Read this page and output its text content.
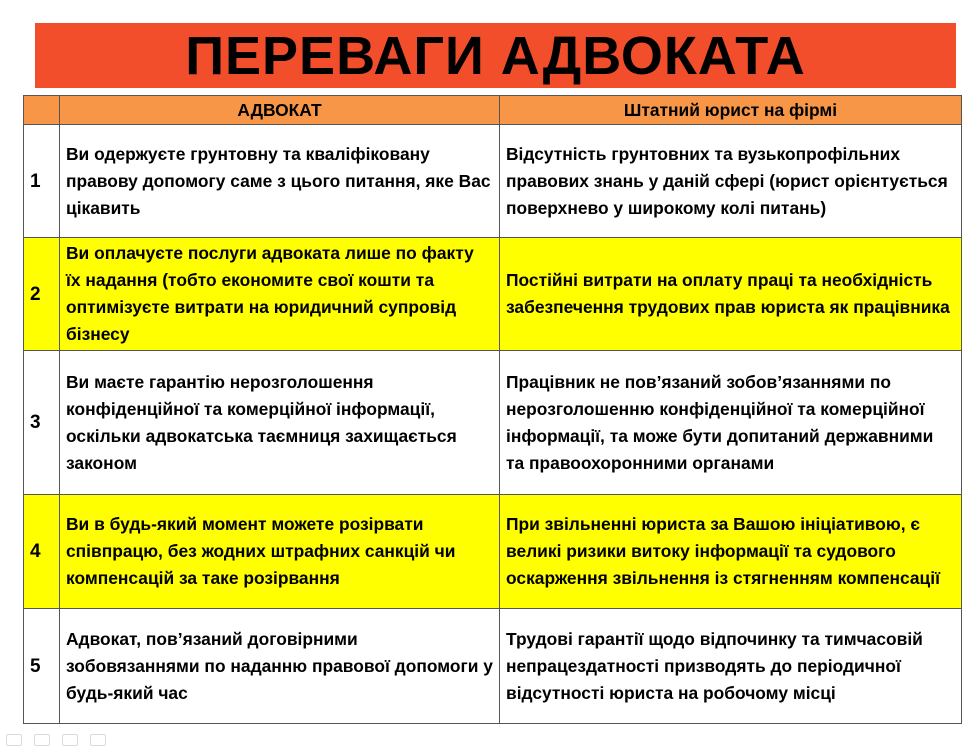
ПЕРЕВАГИ АДВОКАТА
	АДВОКАТ	Штатний юрист на фірмі
1	Ви одержуєте грунтовну та кваліфіковану правову допомогу саме з цього питання, яке Вас цікавить	Відсутність грунтовних та вузькопрофільних правових знань у даній сфері (юрист орієнтується поверхнево у широкому колі питань)
2	Ви оплачуєте послуги адвоката лише по факту їх надання (тобто економите свої кошти та оптимізуєте витрати на юридичний супровід бізнесу	Постійні витрати на оплату праці та необхідність забезпечення трудових прав юриста як працівника
3	Ви маєте гарантію нерозголошення конфіденційної та комерційної інформації, оскільки адвокатська таємниця захищається законом	Працівник не пов’язаний зобов’язаннями по нерозголошенню конфіденційної та комерційної інформації, та може бути допитаний державними та правоохоронними органами
4	Ви в будь-який момент можете розірвати співпрацю, без жодних штрафних санкцій чи компенсацій за таке розірвання	При звільненні юриста за Вашою ініціативою, є великі ризики витоку інформації та судового оскарження звільнення із стягненням компенсації
5	Адвокат, пов’язаний договірними зобовязаннями по наданню правової допомоги у будь-який час	Трудові гарантії щодо відпочинку та тимчасовій непрацездатності призводять до періодичної відсутності юриста на робочому місці
